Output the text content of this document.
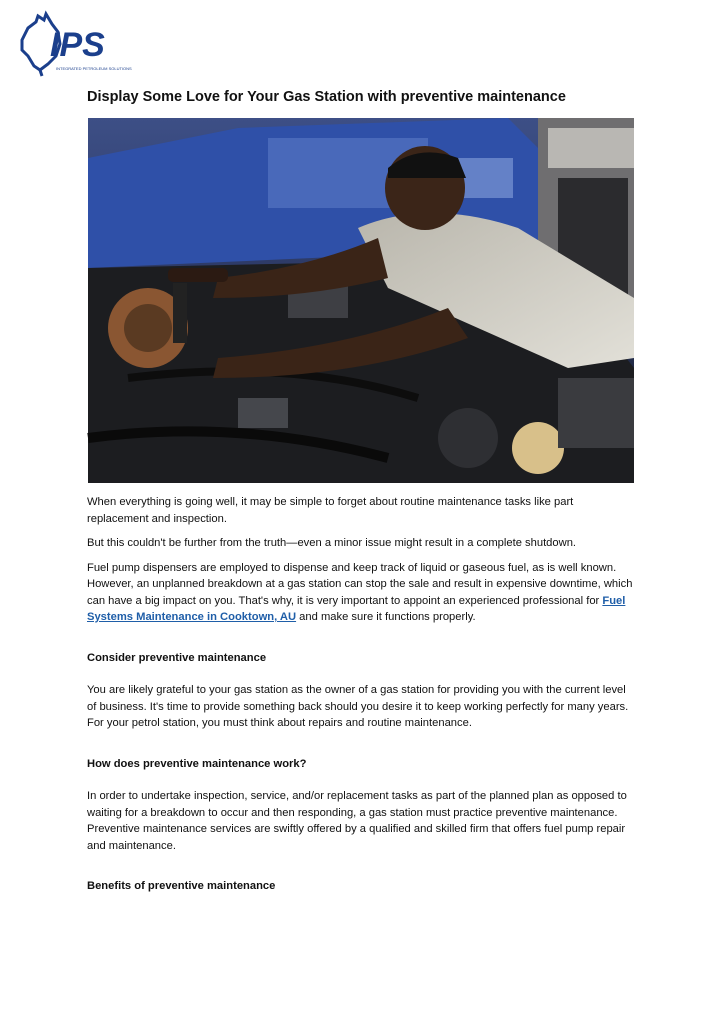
IPS
INTEGRATED PETROLEUM SOLUTIONS
Display Some Love for Your Gas Station with preventive maintenance

When everything is going well, it may be simple to forget about routine maintenance tasks like part replacement and inspection.

But this couldn't be further from the truth—even a minor issue might result in a complete shutdown.

Fuel pump dispensers are employed to dispense and keep track of liquid or gaseous fuel, as is well known. However, an unplanned breakdown at a gas station can stop the sale and result in expensive downtime, which can have a big impact on you. That's why, it is very important to appoint an experienced professional for Fuel Systems Maintenance in Cooktown, AU and make sure it functions properly.

Consider preventive maintenance

You are likely grateful to your gas station as the owner of a gas station for providing you with the current level of business. It's time to provide something back should you desire it to keep working perfectly for many years. For your petrol station, you must think about repairs and routine maintenance.

How does preventive maintenance work?

In order to undertake inspection, service, and/or replacement tasks as part of the planned plan as opposed to waiting for a breakdown to occur and then responding, a gas station must practice preventive maintenance. Preventive maintenance services are swiftly offered by a qualified and skilled firm that offers fuel pump repair and maintenance.

Benefits of preventive maintenance
